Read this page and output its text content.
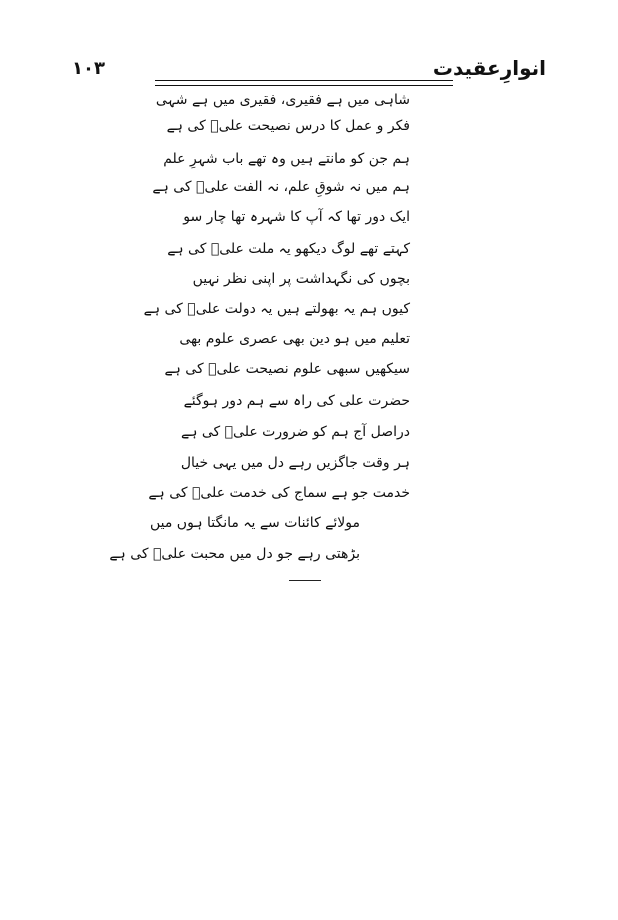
انوارِعقیدت
۱۰۳
شاہی میں ہے فقیری، فقیری میں ہے شہی
فکر و عمل کا درس نصیحت علیؑ کی ہے
ہم جن کو مانتے ہیں وہ تھے باب شہرِ علم
ہم میں نہ شوقِ علم، نہ الفت علیؑ کی ہے
ایک دور تھا کہ آپ کا شہرہ تھا چار سو
کہتے تھے لوگ دیکھو یہ ملت علیؑ کی ہے
بچوں کی نگہداشت پر اپنی نظر نہیں
کیوں ہم یہ بھولتے ہیں یہ دولت علیؑ کی ہے
تعلیم میں ہو دین بھی عصری علوم بھی
سیکھیں سبھی علوم نصیحت علیؑ کی ہے
حضرت علی کی راہ سے ہم دور ہوگئے
دراصل آج ہم کو ضرورت علیؑ کی ہے
ہر وقت جاگزیں رہے دل میں یہی خیال
خدمت جو ہے سماج کی خدمت علیؑ کی ہے
مولائے کائنات سے یہ مانگتا ہوں میں
بڑھتی رہے جو دل میں محبت علیؑ کی ہے
